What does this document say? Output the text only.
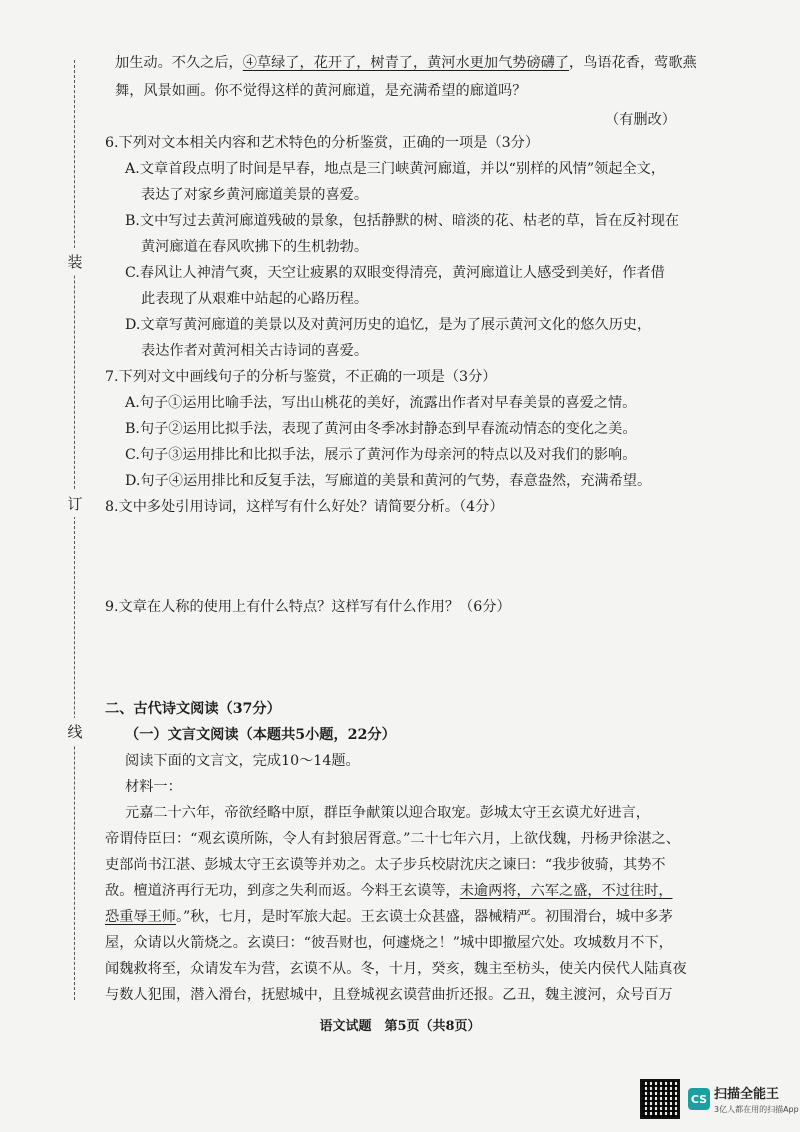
装
订
线
加生动。不久之后，④草绿了，花开了，树青了，黄河水更加气势磅礴了，鸟语花香，莺歌燕
舞，风景如画。你不觉得这样的黄河廊道，是充满希望的廊道吗？
（有删改）
6.下列对文本相关内容和艺术特色的分析鉴赏，正确的一项是（3分）
A.文章首段点明了时间是早春，地点是三门峡黄河廊道，并以“别样的风情”领起全文，
表达了对家乡黄河廊道美景的喜爱。
B.文中写过去黄河廊道残破的景象，包括静默的树、暗淡的花、枯老的草，旨在反衬现在
黄河廊道在春风吹拂下的生机勃勃。
C.春风让人神清气爽，天空让疲累的双眼变得清亮，黄河廊道让人感受到美好，作者借
此表现了从艰难中站起的心路历程。
D.文章写黄河廊道的美景以及对黄河历史的追忆，是为了展示黄河文化的悠久历史，
表达作者对黄河相关古诗词的喜爱。
7.下列对文中画线句子的分析与鉴赏，不正确的一项是（3分）
A.句子①运用比喻手法，写出山桃花的美好，流露出作者对早春美景的喜爱之情。
B.句子②运用比拟手法，表现了黄河由冬季冰封静态到早春流动情态的变化之美。
C.句子③运用排比和比拟手法，展示了黄河作为母亲河的特点以及对我们的影响。
D.句子④运用排比和反复手法，写廊道的美景和黄河的气势，春意盎然，充满希望。
8.文中多处引用诗词，这样写有什么好处？请简要分析。（4分）
9.文章在人称的使用上有什么特点？这样写有什么作用？（6分）
二、古代诗文阅读（37分）
（一）文言文阅读（本题共5小题，22分）
阅读下面的文言文，完成10～14题。
材料一：
元嘉二十六年，帝欲经略中原，群臣争献策以迎合取宠。彭城太守王玄谟尤好进言，
帝谓侍臣曰：“观玄谟所陈，令人有封狼居胥意。”二十七年六月，上欲伐魏，丹杨尹徐湛之、
吏部尚书江湛、彭城太守王玄谟等并劝之。太子步兵校尉沈庆之谏曰：“我步彼骑，其势不
敌。檀道济再行无功，到彦之失利而返。今料王玄谟等，未逾两将，六军之盛，不过往时，
恐重辱王师。”秋，七月，是时军旅大起。王玄谟士众甚盛，器械精严。初围滑台，城中多茅
屋，众请以火箭烧之。玄谟曰：“彼吾财也，何遽烧之！”城中即撤屋穴处。攻城数月不下，
闻魏救将至，众请发车为营，玄谟不从。冬，十月，癸亥，魏主至枋头，使关内侯代人陆真夜
与数人犯围，潜入滑台，抚慰城中，且登城视玄谟营曲折还报。乙丑，魏主渡河，众号百万
语文试题　第5页（共8页）
CS 扫描全能王
3亿人都在用的扫描App
